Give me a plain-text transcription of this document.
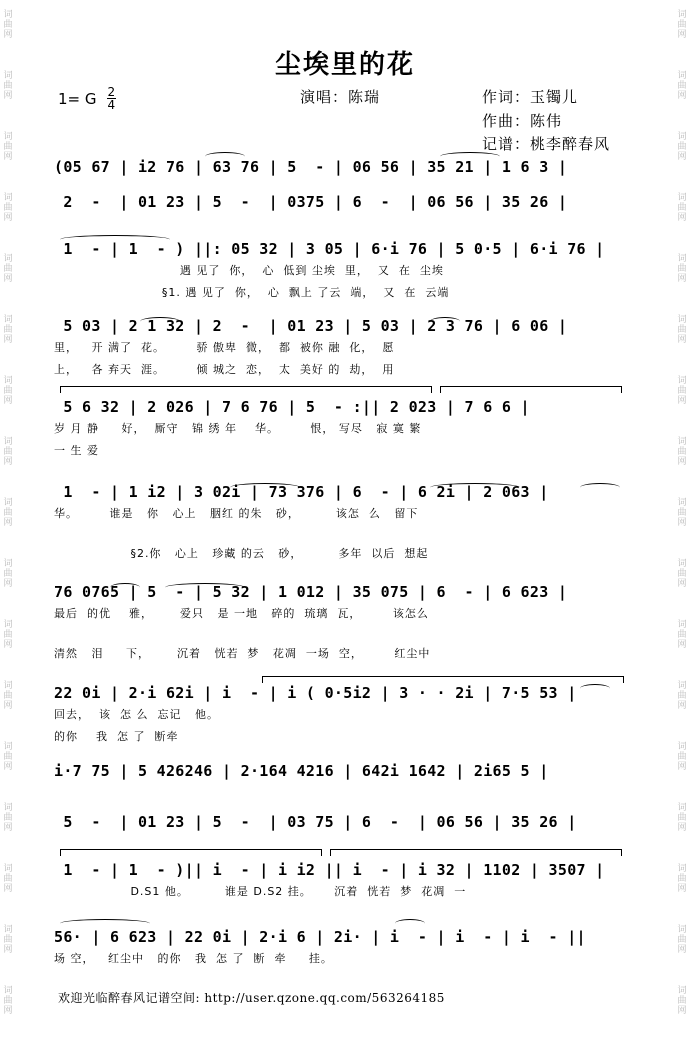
词
曲
网
词
曲
网
词
曲
网
词
曲
网
词
曲
网
词
曲
网
词
曲
网
词
曲
网
词
曲
网
词
曲
网
词
曲
网
词
曲
网
词
曲
网
词
曲
网
词
曲
网
词
曲
网
词
曲
网
词
曲
网
词
曲
网
词
曲
网
词
曲
网
词
曲
网
词
曲
网
词
曲
网
词
曲
网
词
曲
网
词
曲
网
词
曲
网
词
曲
网
词
曲
网
词
曲
网
词
曲
网
词
曲
网
词
曲
网
尘埃里的花
1= G $\frac{2}{4}$	演唱：陈瑞	作词：玉镯儿
作曲：陈伟
记谱：桃李醉春风
(05 67 | i2 76 | 63 76 | 5  - | 06 56 | 35 21 | 1 6 3 |
2  -  | 01 23 | 5  -  | 0375 | 6  -  | 06 56 | 35 26 |
1  - | 1  - ) ||: 05 32 | 3 05 | 6·i 76 | 5 0·5 | 6·i 76 |
遇 见了  你，  心  低到 尘埃  里，  又  在  尘埃
§1. 遇 见了  你，  心  飘上 了云  端，  又  在  云端
5 03 | 2 1 32 | 2  -  | 01 23 | 5 03 | 2 3 76 | 6 06 |
里，   开 满了  花。       骄 傲卑  微，  都  被你 融  化，  愿
上，   各 弃天  涯。       倾 城之  恋，  太  美好 的  劫，  用
5 6 32 | 2 026 | 7 6 76 | 5  - :|| 2 023 | 7 6 6 |
岁 月 静     好，  厮守   锦 绣 年    华。       恨， 写尽   寂 寞 繁
一 生 爱
1  - | 1 i2 | 3 02i | 73 376 | 6  - | 6 2i | 2 063 |
华。       谁是   你   心上   胭红 的朱   砂，        该怎  么   留下
§2.你   心上   珍藏 的云   砂，        多年  以后  想起
76 0765 | 5  - | 5 32 | 1 012 | 35 075 | 6  - | 6 623 |
最后  的优    雅，      爱只   是 一地   碎的  琉璃  瓦，       该怎么
清然   泪     下，      沉着   恍若  梦   花凋  一场  空，       红尘中
22 0i | 2·i 62i | i  - | i ( 0·5i2 | 3 · · 2i | 7·5 53 |
回去，  该  怎 么  忘记   他。
的你    我  怎 了  断牵
i·7 75 | 5 426246 | 2·164 4216 | 642i 1642 | 2i65 5 |
5  -  | 01 23 | 5  -  | 03 75 | 6  -  | 06 56 | 35 26 |
1  - | 1  - )|| i  - | i i2 || i  - | i 32 | 1102 | 3507 |
D.S1 他。        谁是 D.S2 挂。     沉着  恍若  梦  花凋  一
56· | 6 623 | 22 0i | 2·i 6 | 2i· | i  - | i  - | i  - ||
场 空，   红尘中   的你   我  怎 了  断  牵     挂。
欢迎光临醉春风记谱空间: http://user.qzone.qq.com/563264185
